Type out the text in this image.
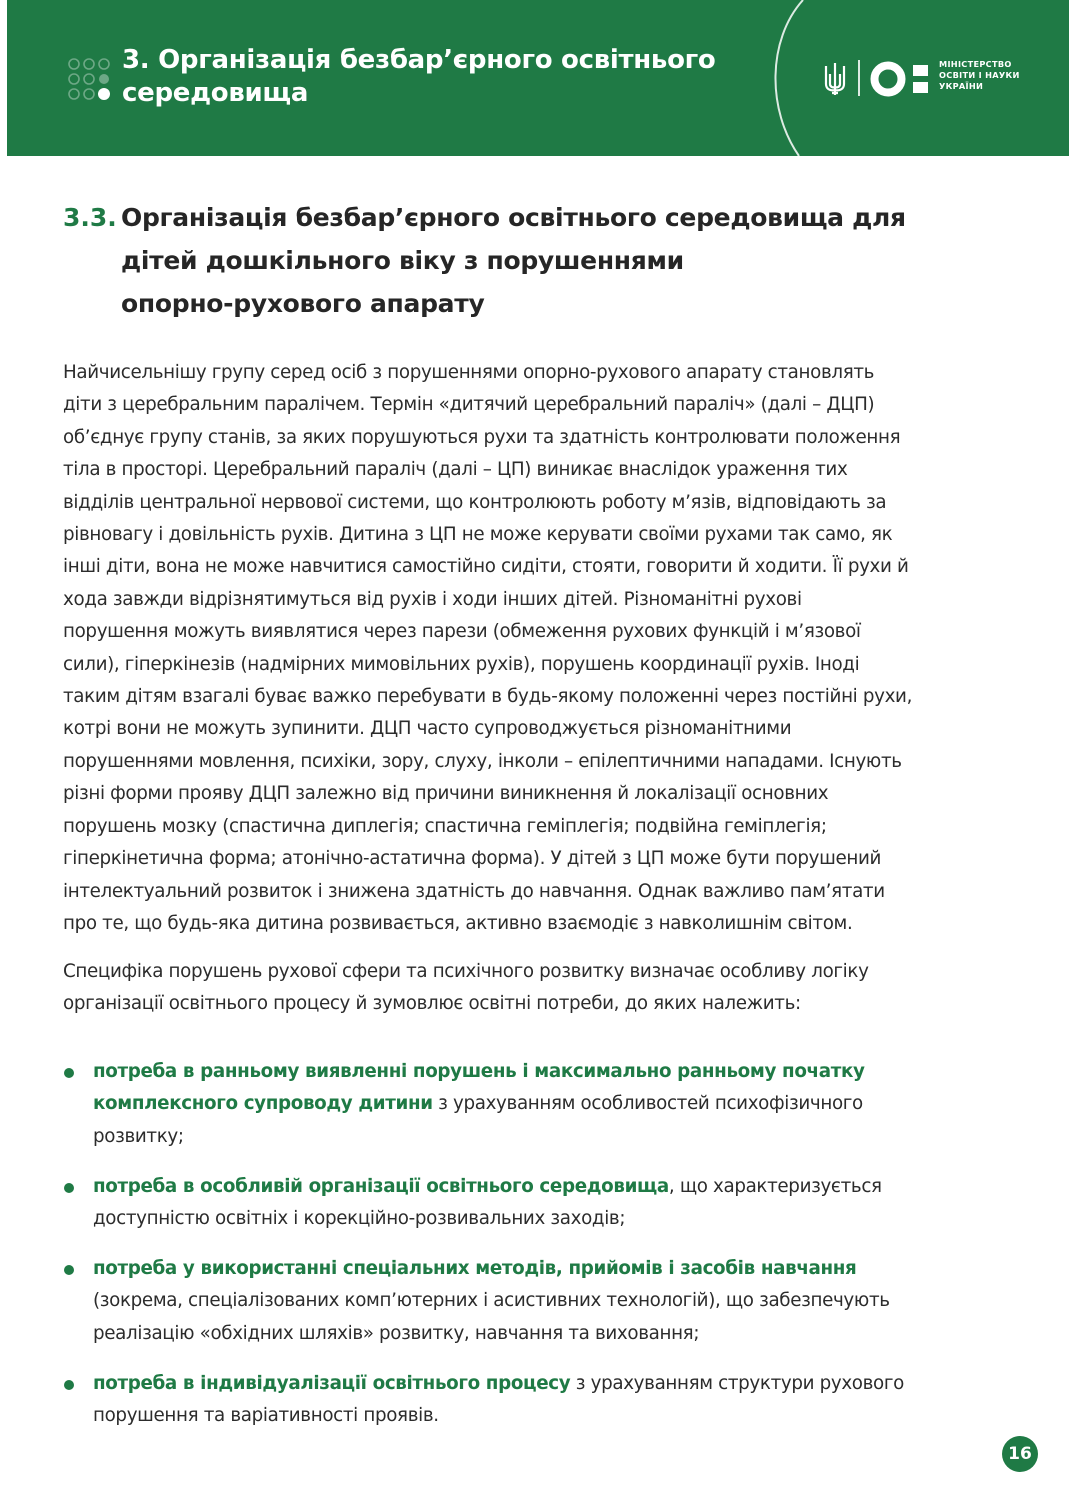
3. Організація безбар’єрного освітнього
середовища
МІНІСТЕРСТВО
ОСВІТИ І НАУКИ
УКРАЇНИ
3.3. Організація безбар’єрного освітнього середовища для
дітей дошкільного віку з порушеннями
опорно-рухового апарату
Найчисельнішу групу серед осіб з порушеннями опорно-рухового апарату становлять
діти з церебральним паралічем. Термін «дитячий церебральний параліч» (далі – ДЦП)
об’єднує групу станів, за яких порушуються рухи та здатність контролювати положення
тіла в просторі. Церебральний параліч (далі – ЦП) виникає внаслідок ураження тих
відділів центральної нервової системи, що контролюють роботу м’язів, відповідають за
рівновагу і довільність рухів. Дитина з ЦП не може керувати своїми рухами так само, як
інші діти, вона не може навчитися самостійно сидіти, стояти, говорити й ходити. Її рухи й
хода завжди відрізнятимуться від рухів і ходи інших дітей. Різноманітні рухові
порушення можуть виявлятися через парези (обмеження рухових функцій і м’язової
сили), гіперкінезів (надмірних мимовільних рухів), порушень координації рухів. Іноді
таким дітям взагалі буває важко перебувати в будь-якому положенні через постійні рухи,
котрі вони не можуть зупинити. ДЦП часто супроводжується різноманітними
порушеннями мовлення, психіки, зору, слуху, інколи – епілептичними нападами. Існують
різні форми прояву ДЦП залежно від причини виникнення й локалізації основних
порушень мозку (спастична диплегія; спастична геміплегія; подвійна геміплегія;
гіперкінетична форма; атонічно-астатична форма). У дітей з ЦП може бути порушений
інтелектуальний розвиток і знижена здатність до навчання. Однак важливо пам’ятати
про те, що будь-яка дитина розвивається, активно взаємодіє з навколишнім світом.
Специфіка порушень рухової сфери та психічного розвитку визначає особливу логіку
організації освітнього процесу й зумовлює освітні потреби, до яких належить:
потреба в ранньому виявленні порушень і максимально ранньому початку
комплексного супроводу дитини з урахуванням особливостей психофізичного
розвитку;
потреба в особливій організації освітнього середовища, що характеризується
доступністю освітніх і корекційно-розвивальних заходів;
потреба у використанні спеціальних методів, прийомів і засобів навчання
(зокрема, спеціалізованих комп’ютерних і асистивних технологій), що забезпечують
реалізацію «обхідних шляхів» розвитку, навчання та виховання;
потреба в індивідуалізації освітнього процесу з урахуванням структури рухового
порушення та варіативності проявів.
16
